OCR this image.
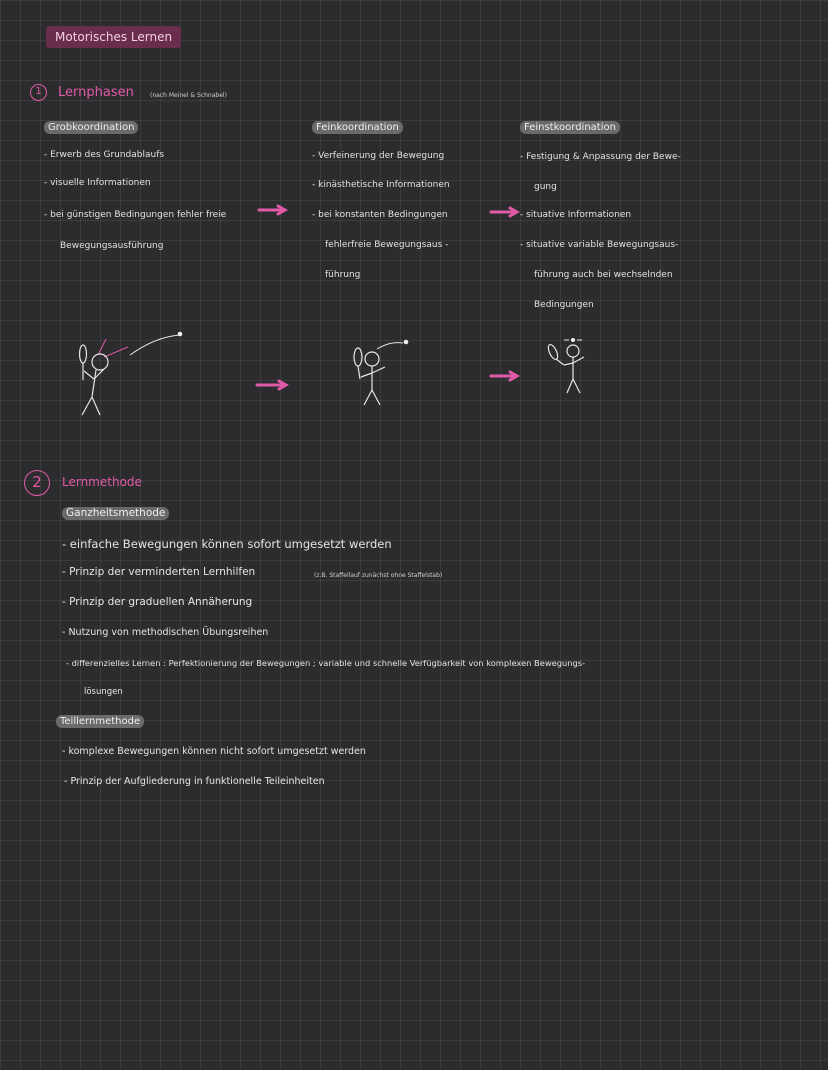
Motorisches Lernen
1	Lernphasen	(nach Meinel & Schnabel)
Grobkoordination
- Erwerb des Grundablaufs
- visuelle Informationen
- bei günstigen Bedingungen fehler freie
Bewegungsausführung
Feinkoordination
- Verfeinerung der Bewegung
- kinästhetische Informationen
- bei konstanten Bedingungen
fehlerfreie Bewegungsaus -
führung
Feinstkoordination
- Festigung & Anpassung der Bewe-
gung
- situative Informationen
- situative variable Bewegungsaus-
führung auch bei wechselnden
Bedingungen
2	Lernmethode
Ganzheitsmethode
- einfache Bewegungen können sofort umgesetzt werden
- Prinzip der verminderten Lernhilfen	(z.B. Staffellauf zunächst ohne Staffelstab)
- Prinzip der graduellen Annäherung
- Nutzung von methodischen Übungsreihen
- differenzielles Lernen : Perfektionierung der Bewegungen ; variable und schnelle Verfügbarkeit von komplexen Bewegungs-
lösungen
Teillernmethode
- komplexe Bewegungen können nicht sofort umgesetzt werden
- Prinzip der Aufgliederung in funktionelle Teileinheiten
